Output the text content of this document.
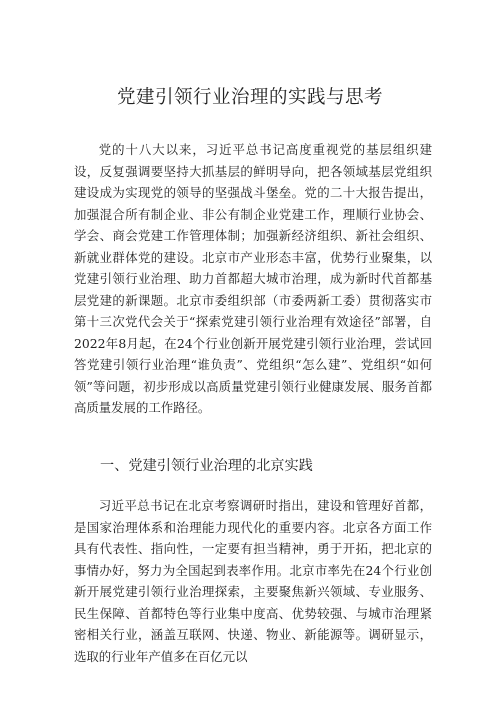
党建引领行业治理的实践与思考

党的十八大以来，习近平总书记高度重视党的基层组织建设，反复强调要坚持大抓基层的鲜明导向，把各领域基层党组织建设成为实现党的领导的坚强战斗堡垒。党的二十大报告提出，加强混合所有制企业、非公有制企业党建工作，理顺行业协会、学会、商会党建工作管理体制；加强新经济组织、新社会组织、新就业群体党的建设。北京市产业形态丰富，优势行业聚集，以党建引领行业治理、助力首都超大城市治理，成为新时代首都基层党建的新课题。北京市委组织部（市委两新工委）贯彻落实市第十三次党代会关于“探索党建引领行业治理有效途径”部署，自2022年8月起，在24个行业创新开展党建引领行业治理，尝试回答党建引领行业治理“谁负责”、党组织“怎么建”、党组织“如何领”等问题，初步形成以高质量党建引领行业健康发展、服务首都高质量发展的工作路径。

一、党建引领行业治理的北京实践

习近平总书记在北京考察调研时指出，建设和管理好首都，是国家治理体系和治理能力现代化的重要内容。北京各方面工作具有代表性、指向性，一定要有担当精神，勇于开拓，把北京的事情办好，努力为全国起到表率作用。北京市率先在24个行业创新开展党建引领行业治理探索，主要聚焦新兴领域、专业服务、民生保障、首都特色等行业集中度高、优势较强、与城市治理紧密相关行业，涵盖互联网、快递、物业、新能源等。调研显示，选取的行业年产值多在百亿元以
